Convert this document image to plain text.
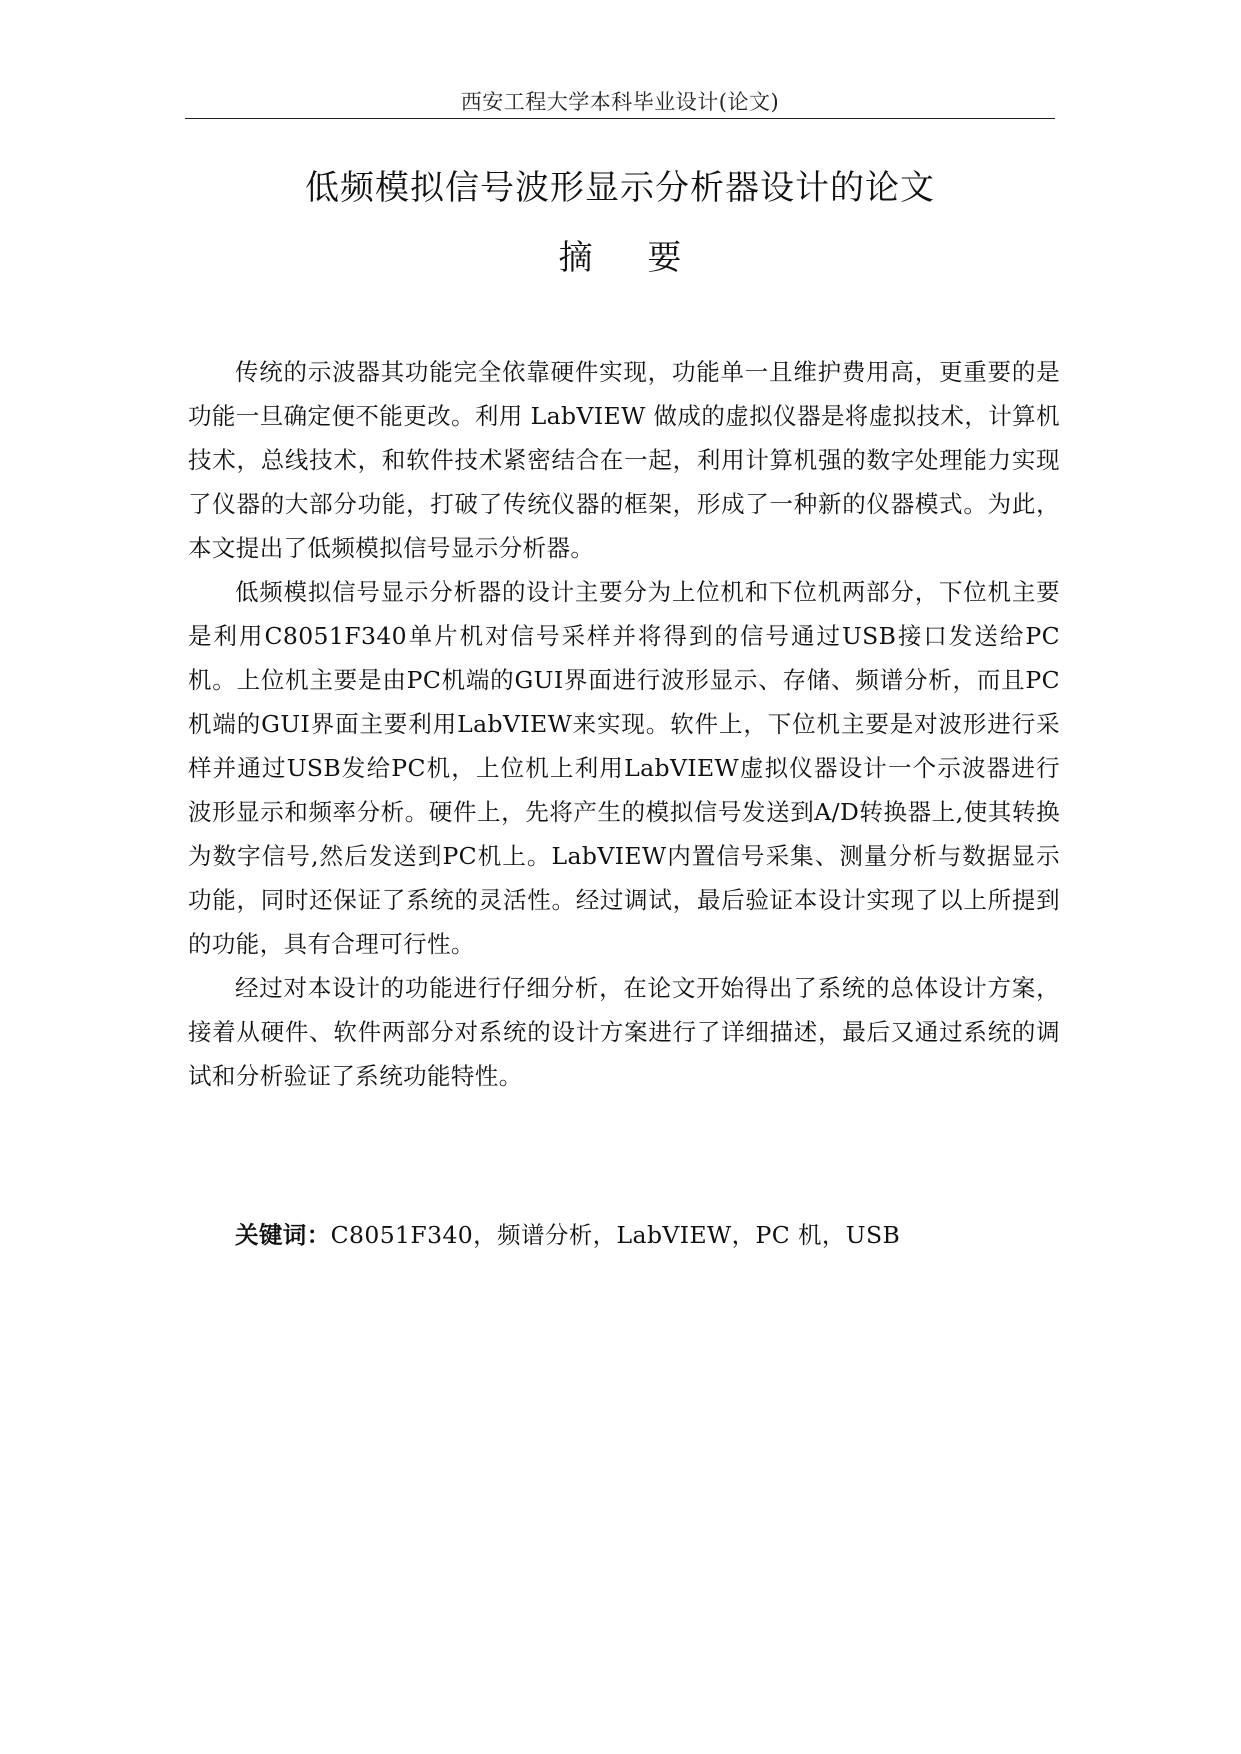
西安工程大学本科毕业设计(论文)
低频模拟信号波形显示分析器设计的论文
摘 要

传统的示波器其功能完全依靠硬件实现，功能单一且维护费用高，更重要的是功能一旦确定便不能更改。利用 LabVIEW 做成的虚拟仪器是将虚拟技术，计算机技术，总线技术，和软件技术紧密结合在一起，利用计算机强的数字处理能力实现了仪器的大部分功能，打破了传统仪器的框架，形成了一种新的仪器模式。为此，本文提出了低频模拟信号显示分析器。

低频模拟信号显示分析器的设计主要分为上位机和下位机两部分，下位机主要是利用C8051F340单片机对信号采样并将得到的信号通过USB接口发送给PC机。上位机主要是由PC机端的GUI界面进行波形显示、存储、频谱分析，而且PC机端的GUI界面主要利用LabVIEW来实现。软件上，下位机主要是对波形进行采样并通过USB发给PC机，上位机上利用LabVIEW虚拟仪器设计一个示波器进行波形显示和频率分析。硬件上，先将产生的模拟信号发送到A/D转换器上,使其转换为数字信号,然后发送到PC机上。LabVIEW内置信号采集、测量分析与数据显示功能，同时还保证了系统的灵活性。经过调试，最后验证本设计实现了以上所提到的功能，具有合理可行性。

经过对本设计的功能进行仔细分析，在论文开始得出了系统的总体设计方案，接着从硬件、软件两部分对系统的设计方案进行了详细描述，最后又通过系统的调试和分析验证了系统功能特性。

关键词：C8051F340，频谱分析，LabVIEW，PC 机，USB
